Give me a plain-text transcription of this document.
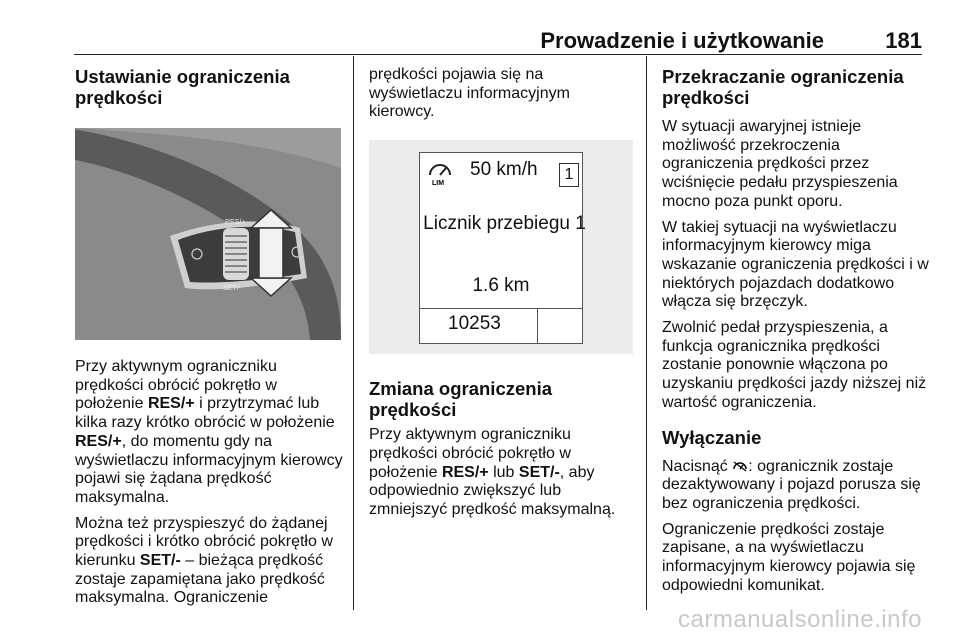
Prowadzenie i użytkowanie	181
Ustawianie ograniczenia prędkości
RES/+
SET/-

Przy aktywnym ograniczniku prędkości obrócić pokrętło w położenie RES/+ i przytrzymać lub kilka razy krótko obrócić w położenie RES/+, do momentu gdy na wyświetlaczu informacyjnym kierowcy pojawi się żądana prędkość maksymalna.

Można też przyspieszyć do żądanej prędkości i krótko obrócić pokrętło w kierunku SET/- – bieżąca prędkość zostaje zapamiętana jako prędkość maksymalna. Ograniczenie

prędkości pojawia się na wyświetlaczu informacyjnym kierowcy.

LIM
50 km/h	1
Licznik przebiegu 1
1.6 km
10253
Zmiana ograniczenia prędkości

Przy aktywnym ograniczniku prędkości obrócić pokrętło w położenie RES/+ lub SET/-, aby odpowiednio zwiększyć lub zmniejszyć prędkość maksymalną.

Przekraczanie ograniczenia prędkości

W sytuacji awaryjnej istnieje możliwość przekroczenia ograniczenia prędkości przez wciśnięcie pedału przyspieszenia mocno poza punkt oporu.

W takiej sytuacji na wyświetlaczu informacyjnym kierowcy miga wskazanie ograniczenia prędkości i w niektórych pojazdach dodatkowo włącza się brzęczyk.

Zwolnić pedał przyspieszenia, a funkcja ogranicznika prędkości zostanie ponownie włączona po uzyskaniu prędkości jazdy niższej niż wartość ograniczenia.

Wyłączanie

Nacisnąć : ogranicznik zostaje dezaktywowany i pojazd porusza się bez ograniczenia prędkości.

Ograniczenie prędkości zostaje zapisane, a na wyświetlaczu informacyjnym kierowcy pojawia się odpowiedni komunikat.

carmanualsonline.info
